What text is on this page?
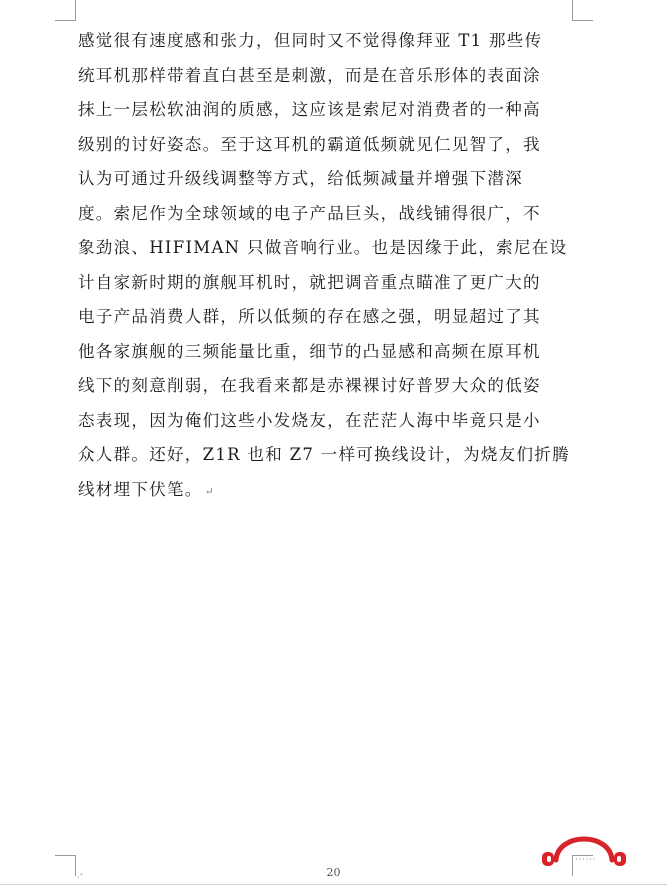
感觉很有速度感和张力，但同时又不觉得像拜亚 T1 那些传
统耳机那样带着直白甚至是刺激，而是在音乐形体的表面涂
抹上一层松软油润的质感，这应该是索尼对消费者的一种高
级别的讨好姿态。至于这耳机的霸道低频就见仁见智了，我
认为可通过升级线调整等方式，给低频减量并增强下潜深
度。索尼作为全球领域的电子产品巨头，战线铺得很广，不
象劲浪、HIFIMAN 只做音响行业。也是因缘于此，索尼在设
计自家新时期的旗舰耳机时，就把调音重点瞄准了更广大的
电子产品消费人群，所以低频的存在感之强，明显超过了其
他各家旗舰的三频能量比重，细节的凸显感和高频在原耳机
线下的刻意削弱，在我看来都是赤裸裸讨好普罗大众的低姿
态表现，因为俺们这些小发烧友，在茫茫人海中毕竟只是小
众人群。还好，Z1R 也和 Z7 一样可换线设计，为烧友们折腾
线材埋下伏笔。 ↵
·ˇ
······
20
